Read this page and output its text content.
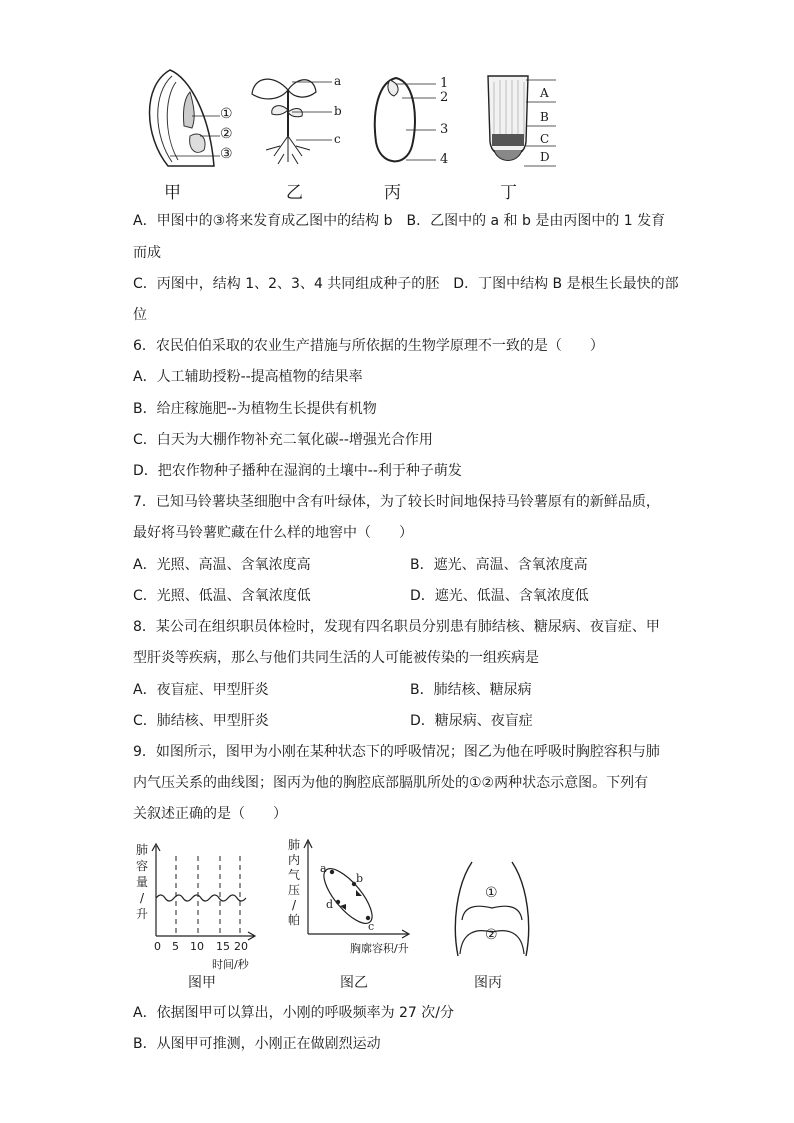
①
②
③
甲
a
b
c
乙
1
2
3
4
丙
A
B
C
D
丁
A．甲图中的③将来发育成乙图中的结构 b　B．乙图中的 a 和 b 是由丙图中的 1 发育
而成
C．丙图中，结构 1、2、3、4 共同组成种子的胚　D．丁图中结构 B 是根生长最快的部
位
6．农民伯伯采取的农业生产措施与所依据的生物学原理不一致的是（　　）
A．人工辅助授粉--提高植物的结果率
B．给庄稼施肥--为植物生长提供有机物
C．白天为大棚作物补充二氧化碳--增强光合作用
D．把农作物种子播种在湿润的土壤中--利于种子萌发
7．已知马铃薯块茎细胞中含有叶绿体，为了较长时间地保持马铃薯原有的新鲜品质，
最好将马铃薯贮藏在什么样的地窖中（　　）
A．光照、高温、含氧浓度高	B．遮光、高温、含氧浓度高
C．光照、低温、含氧浓度低	D．遮光、低温、含氧浓度低
8．某公司在组织职员体检时，发现有四名职员分别患有肺结核、糖尿病、夜盲症、甲
型肝炎等疾病，那么与他们共同生活的人可能被传染的一组疾病是
A．夜盲症、甲型肝炎	B．肺结核、糖尿病
C．肺结核、甲型肝炎	D．糖尿病、夜盲症
9．如图所示，图甲为小刚在某种状态下的呼吸情况；图乙为他在呼吸时胸腔容积与肺
内气压关系的曲线图；图丙为他的胸腔底部膈肌所处的①②两种状态示意图。下列有
关叙述正确的是（　　）
肺
容
量
/
升
0 5 10 15 20
时间/秒
图甲
肺
内
气
压
/
帕
a
b
c
d
胸廓容积/升
图乙
①
②
图丙
A．依据图甲可以算出，小刚的呼吸频率为 27 次/分
B．从图甲可推测，小刚正在做剧烈运动
